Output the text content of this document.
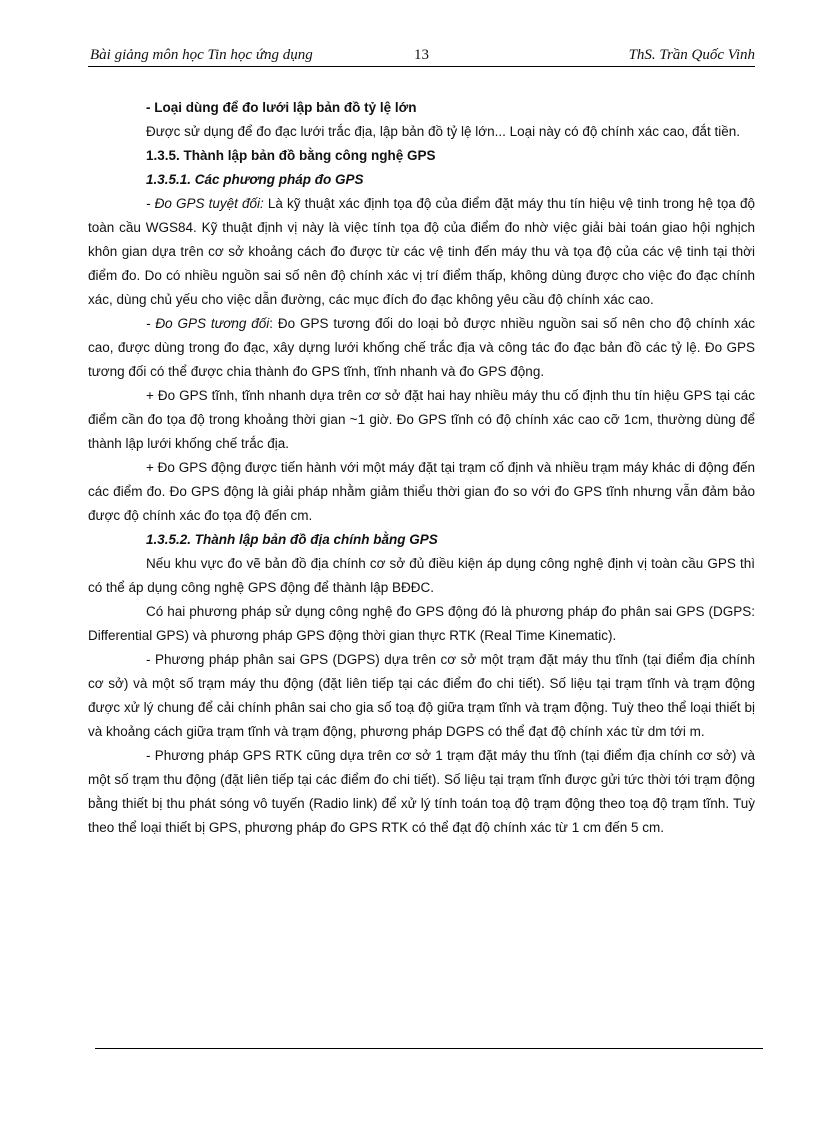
Bài giảng môn học Tin học ứng dụng	13	ThS. Trần Quốc Vinh

- Loại dùng để đo lưới lập bản đồ tỷ lệ lớn

Được sử dụng để đo đạc lưới trắc địa, lập bản đồ tỷ lệ lớn... Loại này có độ chính xác cao, đắt tiền.

1.3.5. Thành lập bản đồ bằng công nghệ GPS

1.3.5.1. Các phương pháp đo GPS

- Đo GPS tuyệt đối: Là kỹ thuật xác định tọa độ của điểm đặt máy thu tín hiệu vệ tinh trong hệ tọa độ toàn cầu WGS84. Kỹ thuật định vị này là việc tính tọa độ của điểm đo nhờ việc giải bài toán giao hội nghịch khôn gian dựa trên cơ sở khoảng cách đo được từ các vệ tinh đến máy thu và tọa độ của các vệ tinh tại thời điểm đo. Do có nhiều nguồn sai số nên độ chính xác vị trí điểm thấp, không dùng được cho việc đo đạc chính xác, dùng chủ yếu cho việc dẫn đường, các mục đích đo đạc không yêu cầu độ chính xác cao.

- Đo GPS tương đối: Đo GPS tương đối do loại bỏ được nhiều nguồn sai số nên cho độ chính xác cao, được dùng trong đo đạc, xây dựng lưới khống chế trắc địa và công tác đo đạc bản đồ các tỷ lệ. Đo GPS tương đối có thể được chia thành đo GPS tĩnh, tĩnh nhanh và đo GPS động.

+ Đo GPS tĩnh, tĩnh nhanh dựa trên cơ sở đặt hai hay nhiều máy thu cố định thu tín hiệu GPS tại các điểm cần đo tọa độ trong khoảng thời gian ~1 giờ. Đo GPS tĩnh có độ chính xác cao cỡ 1cm, thường dùng để thành lập lưới khống chế trắc địa.

+ Đo GPS động được tiến hành với một máy đặt tại trạm cố định và nhiều trạm máy khác di động đến các điểm đo. Đo GPS động là giải pháp nhằm giảm thiểu thời gian đo so với đo GPS tĩnh nhưng vẫn đảm bảo được độ chính xác đo tọa độ đến cm.

1.3.5.2. Thành lập bản đồ địa chính bằng GPS

Nếu khu vực đo vẽ bản đồ địa chính cơ sở đủ điều kiện áp dụng công nghệ định vị toàn cầu GPS thì có thể áp dụng công nghệ GPS động để thành lập BĐĐC.

Có hai phương pháp sử dụng công nghệ đo GPS động đó là phương pháp đo phân sai GPS (DGPS: Differential GPS) và phương pháp GPS động thời gian thực RTK (Real Time Kinematic).

- Phương pháp phân sai GPS (DGPS) dựa trên cơ sở một trạm đặt máy thu tĩnh (tại điểm địa chính cơ sở) và một số trạm máy thu động (đặt liên tiếp tại các điểm đo chi tiết). Số liệu tại trạm tĩnh và trạm động được xử lý chung để cải chính phân sai cho gia số toạ độ giữa trạm tĩnh và trạm động. Tuỳ theo thể loại thiết bị và khoảng cách giữa trạm tĩnh và trạm động, phương pháp DGPS có thể đạt độ chính xác từ dm tới m.

- Phương pháp GPS RTK cũng dựa trên cơ sở 1 trạm đặt máy thu tĩnh (tại điểm địa chính cơ sở) và một số trạm thu động (đặt liên tiếp tại các điểm đo chi tiết). Số liệu tại trạm tĩnh được gửi tức thời tới trạm động bằng thiết bị thu phát sóng vô tuyến (Radio link) để xử lý tính toán toạ độ trạm động theo toạ độ trạm tĩnh. Tuỳ theo thể loại thiết bị GPS, phương pháp đo GPS RTK có thể đạt độ chính xác từ 1 cm đến 5 cm.
